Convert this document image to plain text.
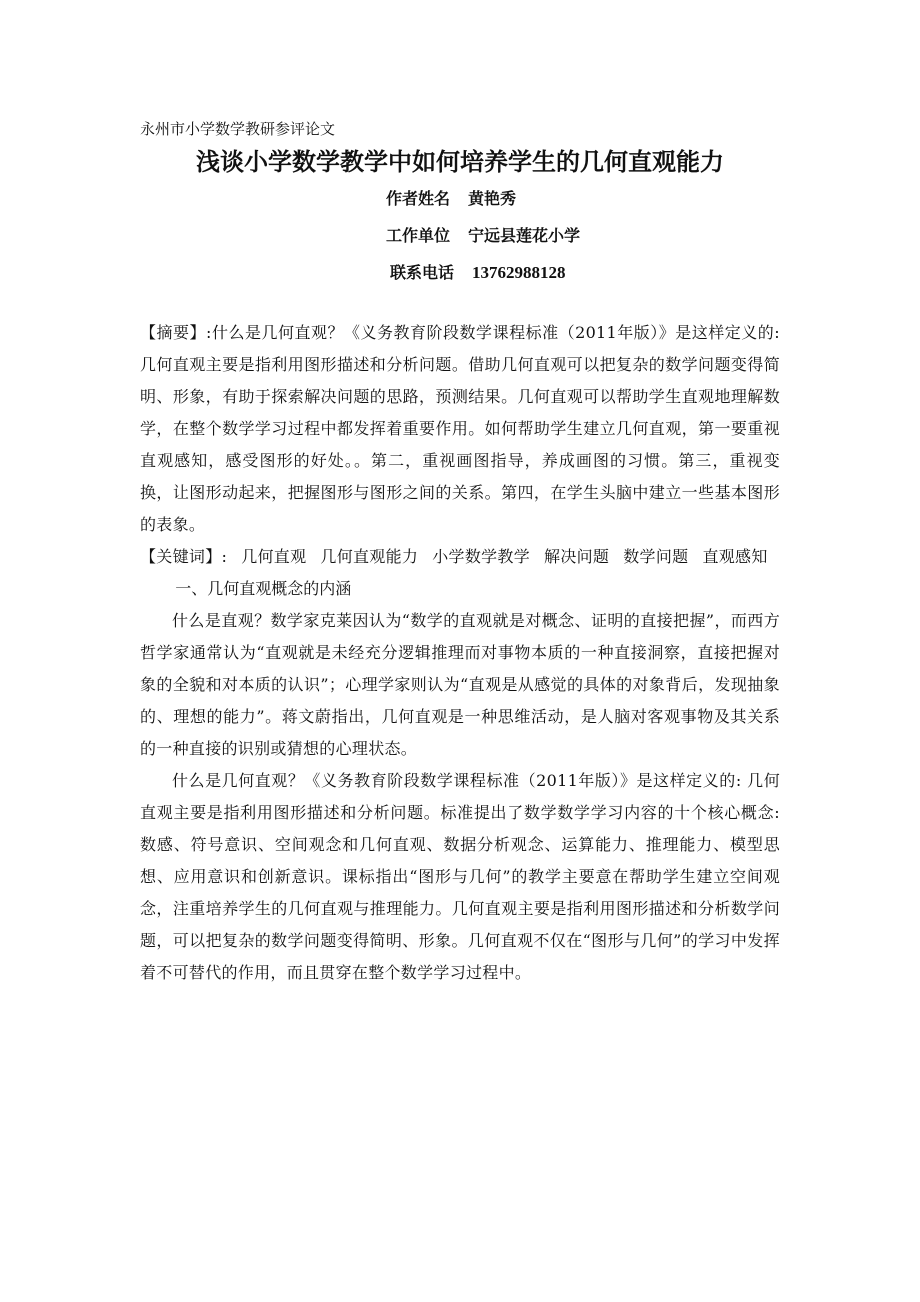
永州市小学数学教研参评论文

浅谈小学数学教学中如何培养学生的几何直观能力
作者姓名 黄艳秀
工作单位 宁远县莲花小学
联系电话 13762988128

【摘要】:什么是几何直观？《义务教育阶段数学课程标准（2011年版）》是这样定义的: 几何直观主要是指利用图形描述和分析问题。借助几何直观可以把复杂的数学问题变得简明、形象，有助于探索解决问题的思路，预测结果。几何直观可以帮助学生直观地理解数学，在整个数学学习过程中都发挥着重要作用。如何帮助学生建立几何直观，第一要重视直观感知，感受图形的好处。。第二，重视画图指导，养成画图的习惯。第三，重视变换，让图形动起来，把握图形与图形之间的关系。第四，在学生头脑中建立一些基本图形的表象。

【关键词】: 几何直观 几何直观能力 小学数学教学 解决问题 数学问题 直观感知

一、几何直观概念的内涵

什么是直观？数学家克莱因认为“数学的直观就是对概念、证明的直接把握”，而西方哲学家通常认为“直观就是未经充分逻辑推理而对事物本质的一种直接洞察，直接把握对象的全貌和对本质的认识”；心理学家则认为“直观是从感觉的具体的对象背后，发现抽象的、理想的能力”。蒋文蔚指出，几何直观是一种思维活动，是人脑对客观事物及其关系的一种直接的识别或猜想的心理状态。

什么是几何直观？《义务教育阶段数学课程标准（2011年版）》是这样定义的: 几何直观主要是指利用图形描述和分析问题。标准提出了数学数学学习内容的十个核心概念: 数感、符号意识、空间观念和几何直观、数据分析观念、运算能力、推理能力、模型思想、应用意识和创新意识。课标指出“图形与几何”的教学主要意在帮助学生建立空间观念，注重培养学生的几何直观与推理能力。几何直观主要是指利用图形描述和分析数学问题，可以把复杂的数学问题变得简明、形象。几何直观不仅在“图形与几何”的学习中发挥着不可替代的作用，而且贯穿在整个数学学习过程中。
